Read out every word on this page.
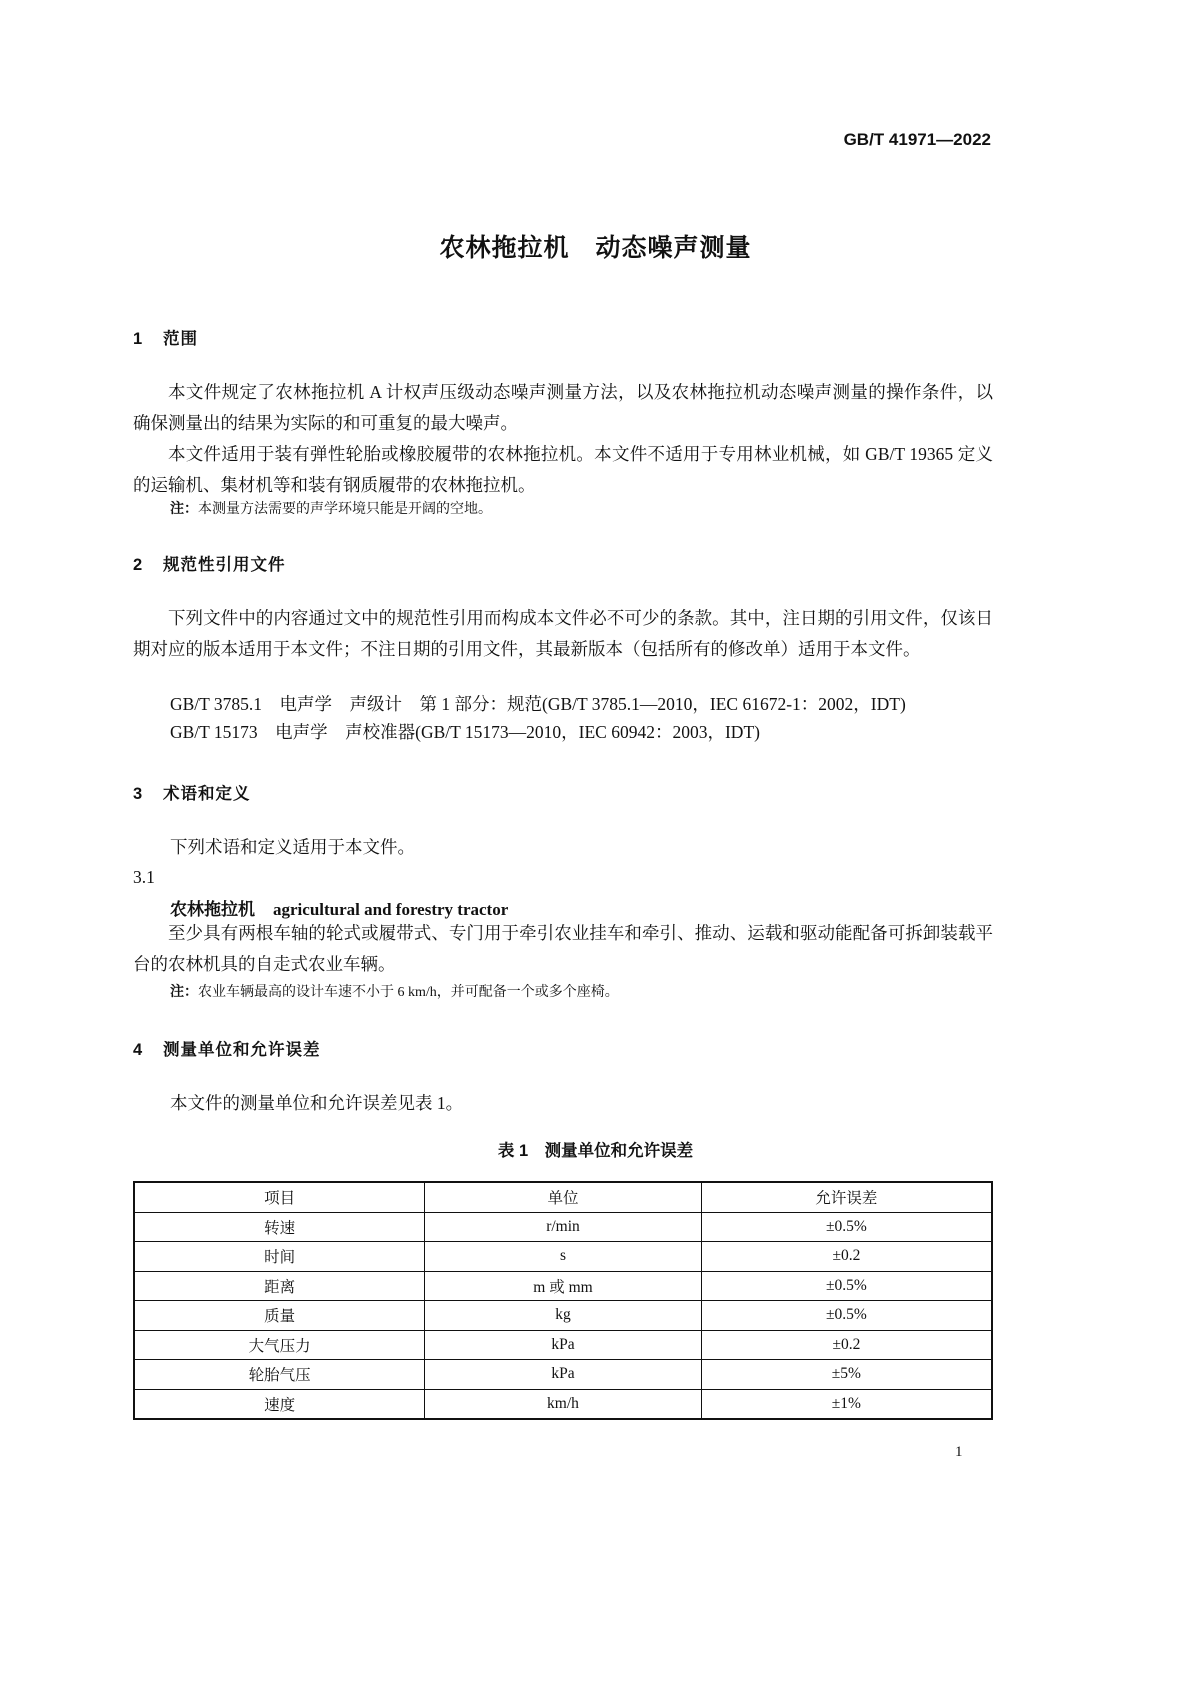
GB/T 41971—2022
农林拖拉机　动态噪声测量
1 范围

本文件规定了农林拖拉机 A 计权声压级动态噪声测量方法，以及农林拖拉机动态噪声测量的操作条件，以确保测量出的结果为实际的和可重复的最大噪声。

本文件适用于装有弹性轮胎或橡胶履带的农林拖拉机。本文件不适用于专用林业机械，如 GB/T 19365 定义的运输机、集材机等和装有钢质履带的农林拖拉机。

注：本测量方法需要的声学环境只能是开阔的空地。
2 规范性引用文件

下列文件中的内容通过文中的规范性引用而构成本文件必不可少的条款。其中，注日期的引用文件，仅该日期对应的版本适用于本文件；不注日期的引用文件，其最新版本（包括所有的修改单）适用于本文件。

GB/T 3785.1　电声学　声级计　第 1 部分：规范(GB/T 3785.1—2010，IEC 61672-1：2002，IDT)

GB/T 15173　电声学　声校准器(GB/T 15173—2010，IEC 60942：2003，IDT)

3 术语和定义

下列术语和定义适用于本文件。

3.1

农林拖拉机 agricultural and forestry tractor

至少具有两根车轴的轮式或履带式、专门用于牵引农业挂车和牵引、推动、运载和驱动能配备可拆卸装载平台的农林机具的自走式农业车辆。

注：农业车辆最高的设计车速不小于 6 km/h，并可配备一个或多个座椅。
4 测量单位和允许误差

本文件的测量单位和允许误差见表 1。

表 1　测量单位和允许误差
项目	单位	允许误差
转速	r/min	±0.5%
时间	s	±0.2
距离	m 或 mm	±0.5%
质量	kg	±0.5%
大气压力	kPa	±0.2
轮胎气压	kPa	±5%
速度	km/h	±1%
1
